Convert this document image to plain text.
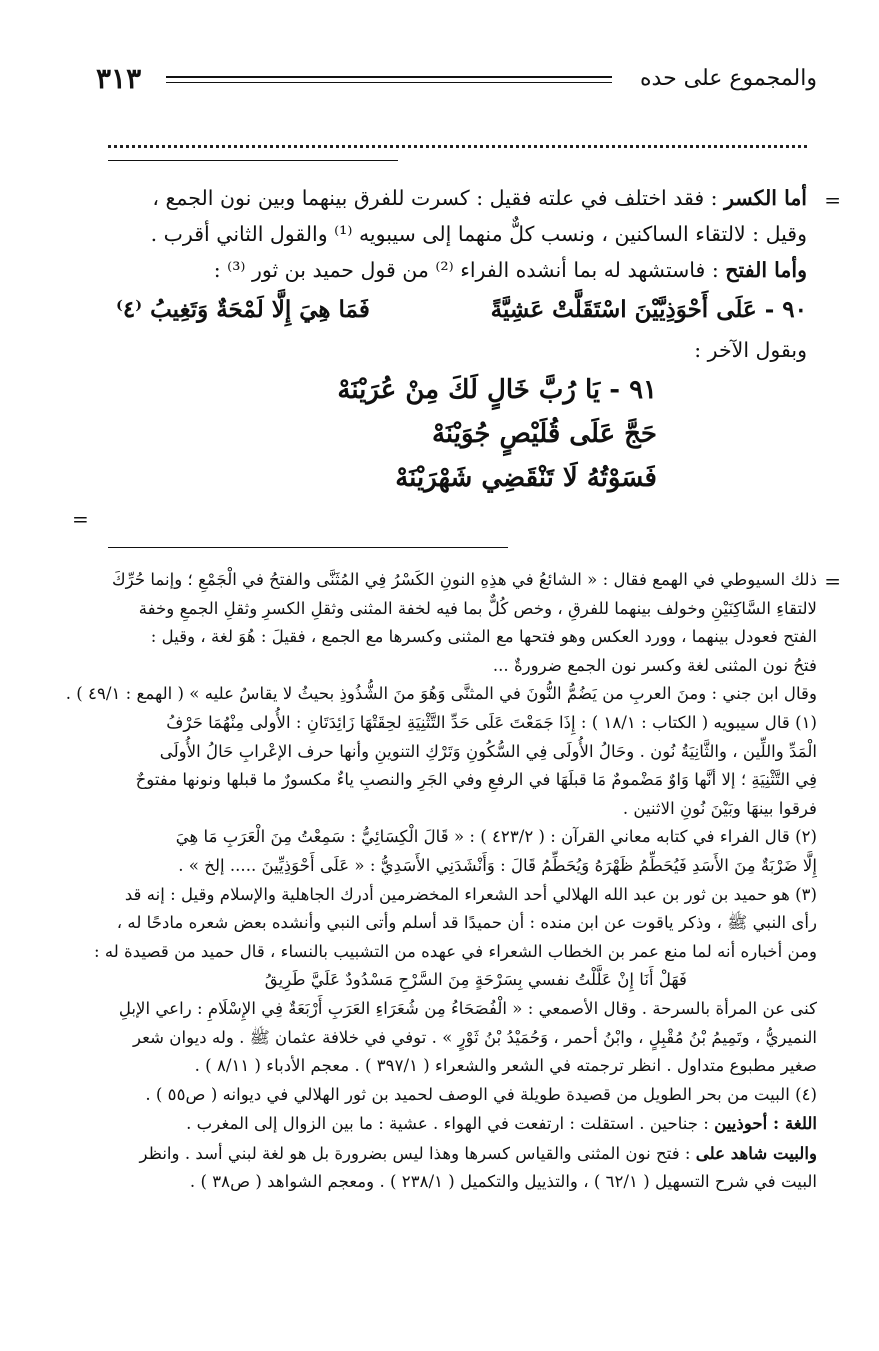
والمجموع على حده
٣١٣
=
=
=
أما الكسر : فقد اختلف في علته فقيل : كسرت للفرق بينهما وبين نون الجمع ،
وقيل : لالتقاء الساكنين ، ونسب كلٌّ منهما إلى سيبويه ⁽¹⁾ والقول الثاني أقرب .
وأما الفتح : فاستشهد له بما أنشده الفراء ⁽²⁾ من قول حميد بن ثور ⁽³⁾ :
٩٠ - عَلَى أَحْوَذِيَّيْنَ اسْتَقَلَّتْ عَشِيَّةً
فَمَا هِيَ إِلَّا لَمْحَةٌ وَتَغِيبُ ⁽٤⁾
وبقول الآخر :
٩١ - يَا رُبَّ خَالٍ لَكَ مِنْ عُرَيْنَهْ
حَجَّ عَلَى قُلَيْصٍ جُوَيْنَهْ
فَسَوْتُهُ لَا تَنْقَضِي شَهْرَيْنَهْ
ذلك السيوطي في الهمع فقال : « الشائعُ في هذِهِ النونِ الكَسْرُ فِي المُثَنَّى والفتحُ في الْجَمْعِ ؛ وإنما حُرِّكَ
لالتقاءِ السَّاكِنَيْنِ وخولف بينهما للفرقِ ، وخص كُلٌّ بما فيه لخفة المثنى وثقلِ الكسرِ وثقلِ الجمعِ وخفة
الفتح فعودل بينهما ، وورد العكس وهو فتحها مع المثنى وكسرها مع الجمع ، فقيلَ : هُوَ لغة ، وقيل :
فتحُ نون المثنى لغة وكسر نون الجمع ضرورةٌ ...
وقال ابن جني : ومنَ العربِ من يَضُمُّ النُّونَ في المثنَّى وَهُوَ منَ الشُّذُوذِ بحيثُ لا يقاسُ عليه » ( الهمع : ٤٩/١ ) .
(١) قال سيبويه ( الكتاب : ١٨/١ ) : إِذَا جَمَعْتَ عَلَى حَدِّ التَّثْنِيَةِ لحِقَتْهَا زَائِدَتَانِ : الأُولى مِنْهُمَا حَرْفُ
الْمَدِّ واللِّين ، والثَّانِيَةُ نُون . وحَالُ الأُولَى فِي السُّكُونِ وَتَرْكِ التنوينِ وأنها حرف الإعْرابِ حَالُ الأُولَى
فِي التَّثْنِيَةِ ؛ إلا أنَّها وَاوٌ مَضْمومٌ مَا قبلَهَا في الرفعِ وفي الجَرِ والنصبِ ياءٌ مكسورٌ ما قبلها ونونها مفتوحٌ
فرقوا بينهَا وبَيْنَ نُونِ الاثنين .
(٢) قال الفراء في كتابه معاني القرآن : ( ٤٢٣/٢ ) : « قَالَ الْكِسَائِيُّ : سَمِعْتُ مِنَ الْعَرَبِ مَا هِيَ
إِلَّا ضَرْبَةٌ مِنَ الأَسَدِ فَيُحَطِّمُ ظَهْرَهُ وَيُحَطِّمُ قَالَ : وَأَنْشَدَنِي الأَسَدِيُّ : « عَلَى أَحْوَذِيِّينَ ..... إلخ » .
(٣) هو حميد بن ثور بن عبد الله الهلالي أحد الشعراء المخضرمين أدرك الجاهلية والإسلام وقيل : إنه قد
رأى النبي ﷺ ، وذكر ياقوت عن ابن منده : أن حميدًا قد أسلم وأتى النبي وأنشده بعض شعره مادحًا له ،
ومن أخباره أنه لما منع عمر بن الخطاب الشعراء في عهده من التشبيب بالنساء ، قال حميد من قصيدة له :
فَهَلْ أَنَا إِنْ عَلَّلْتُ نفسي بِسَرْحَةٍ مِنَ السَّرْحِ مَسْدُودٌ عَلَيَّ طَرِيقُ
كنى عن المرأة بالسرحة . وقال الأصمعي : « الْفُصَحَاءُ مِن شُعَرَاءِ العَرَبِ أَرْبَعَةٌ فِي الإِسْلَامِ : راعي الإبلِ
النميريُّ ، وتَمِيمُ بْنُ مُقْبِلٍ ، وابْنُ أحمر ، وَحُمَيْدُ بْنُ ثَوْرٍ » . توفي في خلافة عثمان ﷺ . وله ديوان شعر
صغير مطبوع متداول . انظر ترجمته في الشعر والشعراء ( ٣٩٧/١ ) . معجم الأدباء ( ٨/١١ ) .
(٤) البيت من بحر الطويل من قصيدة طويلة في الوصف لحميد بن ثور الهلالي في ديوانه ( ص٥٥ ) .
اللغة : أحوذيين : جناحين . استقلت : ارتفعت في الهواء . عشية : ما بين الزوال إلى المغرب .
والبيت شاهد على : فتح نون المثنى والقياس كسرها وهذا ليس بضرورة بل هو لغة لبني أسد . وانظر
البيت في شرح التسهيل ( ٦٢/١ ) ، والتذييل والتكميل ( ٢٣٨/١ ) . ومعجم الشواهد ( ص٣٨ ) .
